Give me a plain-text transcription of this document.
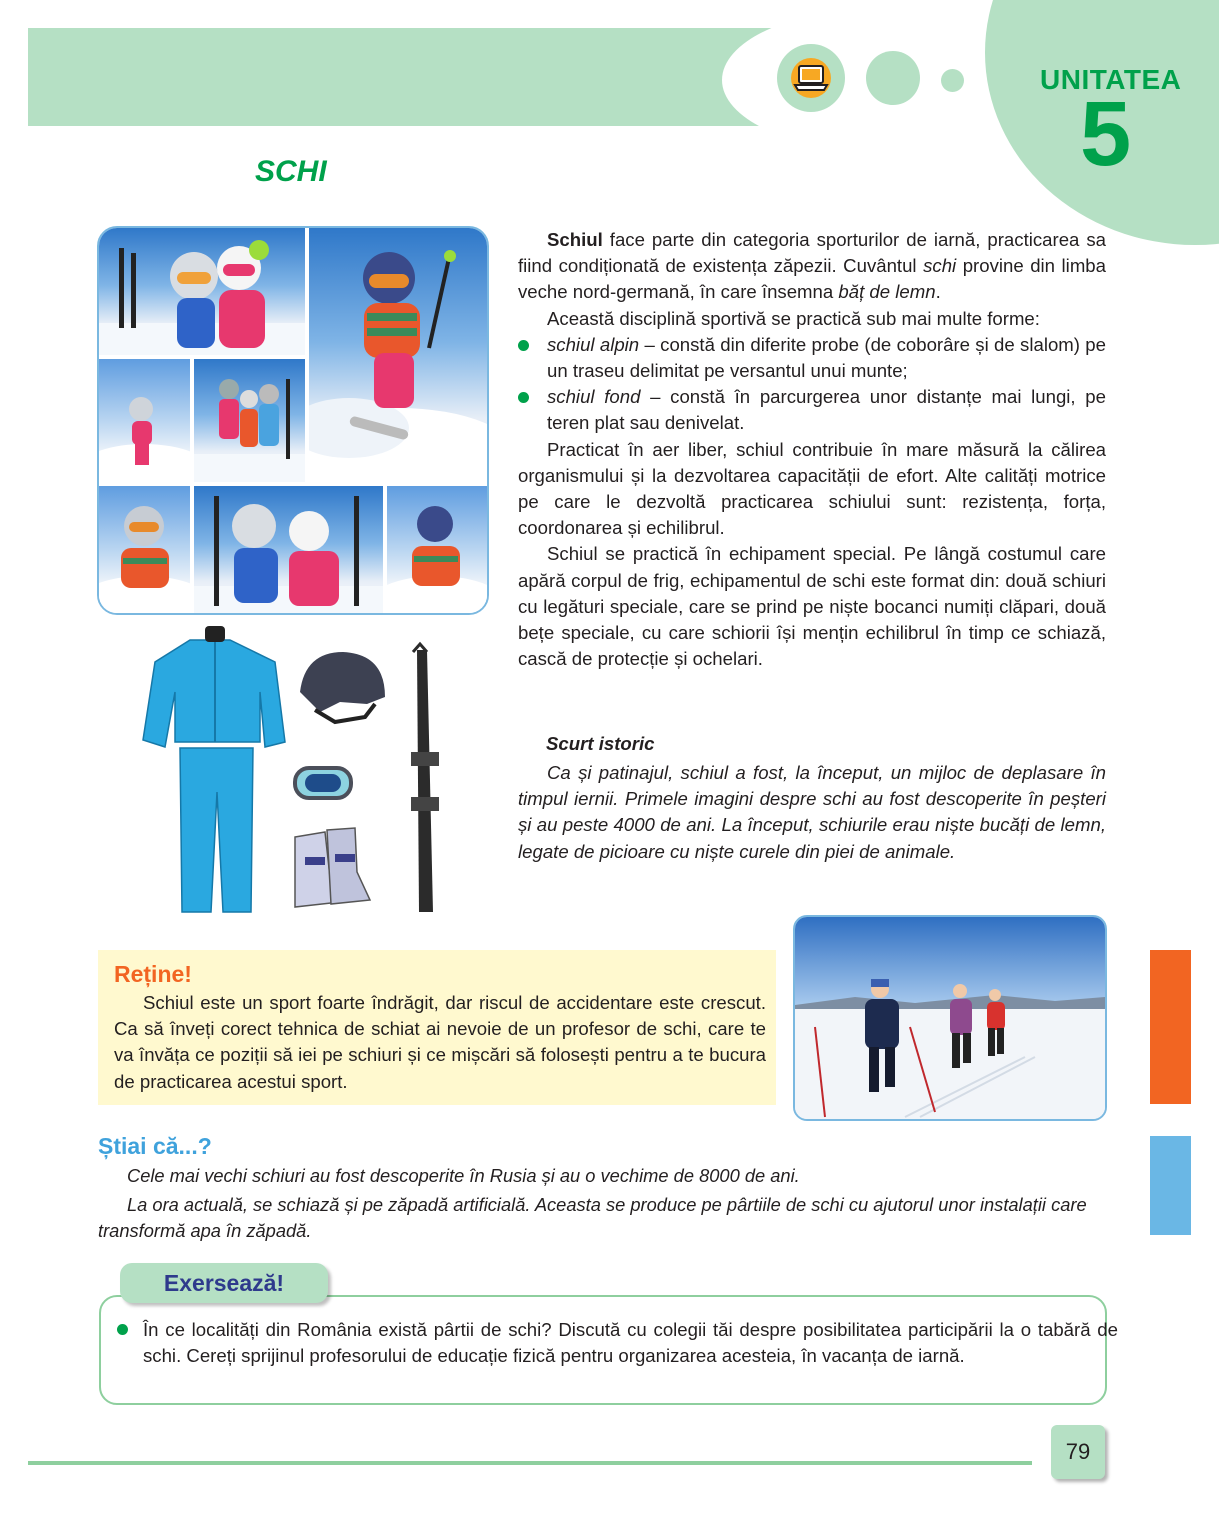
UNITATEA
5
SCHI

Schiul face parte din categoria sporturilor de iarnă, practicarea sa fiind condiționată de existența zăpezii. Cuvântul schi provine din limba veche nord-germană, în care însemna băț de lemn.

Această disciplină sportivă se practică sub mai multe forme:

schiul alpin – constă din diferite probe (de coborâre și de slalom) pe un traseu delimitat pe versantul unui munte;

schiul fond – constă în parcurgerea unor distanțe mai lungi, pe teren plat sau denivelat.

Practicat în aer liber, schiul contribuie în mare măsură la călirea organismului și la dezvoltarea capacității de efort. Alte calități motrice pe care le dezvoltă practicarea schiului sunt: rezistența, forța, coordonarea și echilibrul.

Schiul se practică în echipament special. Pe lângă costumul care apără corpul de frig, echipamentul de schi este format din: două schiuri cu legături speciale, care se prind pe niște bocanci numiți clăpari, două bețe speciale, cu care schiorii își mențin echilibrul în timp ce schiază, cască de protecție și ochelari.

Scurt istoric

Ca și patinajul, schiul a fost, la început, un mijloc de deplasare în timpul iernii. Primele imagini despre schi au fost descoperite în peșteri și au peste 4000 de ani. La început, schiurile erau niște bucăți de lemn, legate de picioare cu niște curele din piei de animale.

Reține!

Schiul este un sport foarte îndrăgit, dar riscul de accidentare este crescut. Ca să înveți corect tehnica de schiat ai nevoie de un profesor de schi, care te va învăța ce poziții să iei pe schiuri și ce mișcări să folosești pentru a te bucura de practicarea acestui sport.

Știai că...?

Cele mai vechi schiuri au fost descoperite în Rusia și au o vechime de 8000 de ani.

La ora actuală, se schiază și pe zăpadă artificială. Aceasta se produce pe pârtiile de schi cu ajutorul unor instalații care transformă apa în zăpadă.

Exersează!
În ce localități din România există pârtii de schi? Discută cu colegii tăi despre posibilitatea participării la o tabără de schi. Cereți sprijinul profesorului de educație fizică pentru organizarea acesteia, în vacanța de iarnă.
79
